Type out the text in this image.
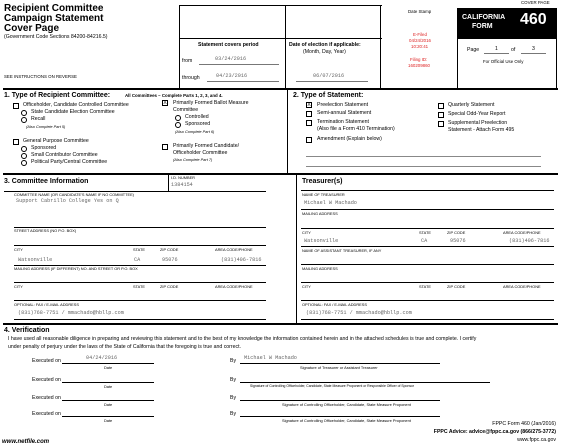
Recipient Committee
Campaign Statement
Cover Page
(Government Code Sections 84200-84216.5)
SEE INSTRUCTIONS ON REVERSE
Statement covers period
from	03/24/2016
through	04/23/2016
Date of election if applicable:
(Month, Day, Year)
06/07/2016
Date Stamp
E-Filed
04/24/2016
10:20:41
Filing ID:
160209860
COVER PAGE
CALIFORNIA
FORM 460
Page	1	of	3
For Official Use Only
1. Type of Recipient Committee:	All Committees – Complete Parts 1, 2, 3, and 4.
Officeholder, Candidate Controlled Committee
State Candidate Election Committee
Recall
(Also Complete Part 5)
General Purpose Committee
Sponsored
Small Contributor Committee
Political Party/Central Committee
X Primarily Formed Ballot Measure
Committee
Controlled
Sponsored
(Also Complete Part 6)
Primarily Formed Candidate/
Officeholder Committee
(Also Complete Part 7)
2. Type of Statement:
X Preelection Statement
Semi-annual Statement
Termination Statement
(Also file a Form 410 Termination)
Amendment (Explain below)
Quarterly Statement
Special Odd-Year Report
Supplemental Preelection
Statement - Attach Form 495
3. Committee Information
I.D. NUMBER
1384154
COMMITTEE NAME (OR CANDIDATE'S NAME IF NO COMMITTEE)
Support Cabrillo College Yes on Q
STREET ADDRESS (NO P.O. BOX)
CITY	STATE	ZIP CODE	AREA CODE/PHONE
Watsonville	CA	95076	(831)406-7816
MAILING ADDRESS (IF DIFFERENT) NO. AND STREET OR P.O. BOX
CITY	STATE	ZIP CODE	AREA CODE/PHONE
OPTIONAL: FAX / E-MAIL ADDRESS
(831)768-7751 / mmachado@hbllp.com
Treasurer(s)
NAME OF TREASURER
Michael W Machado
MAILING ADDRESS
CITY	STATE	ZIP CODE	AREA CODE/PHONE
Watsonville	CA	95076	(831)406-7816
NAME OF ASSISTANT TREASURER, IF ANY
MAILING ADDRESS
CITY	STATE	ZIP CODE	AREA CODE/PHONE
OPTIONAL: FAX / E-MAIL ADDRESS
(831)768-7751 / mmachado@hbllp.com
4. Verification
I have used all reasonable diligence in preparing and reviewing this statement and to the best of my knowledge the information contained herein and in the attached schedules is true and complete. I certify
under penalty of perjury under the laws of the State of California that the foregoing is true and correct.
Executed on	04/24/2016
Date
By Michael W Machado
Signature of Treasurer or Assistant Treasurer
Executed on
Date
By
Signature of Controlling Officeholder, Candidate, State Measure Proponent or Responsible Officer of Sponsor
Executed on
Date
By
Signature of Controlling Officeholder, Candidate, State Measure Proponent
Executed on
Date
By
Signature of Controlling Officeholder, Candidate, State Measure Proponent
www.netfile.com
FPPC Form 460 (Jan/2016)
FPPC Advice: advice@fppc.ca.gov (866/275-3772)
www.fppc.ca.gov
